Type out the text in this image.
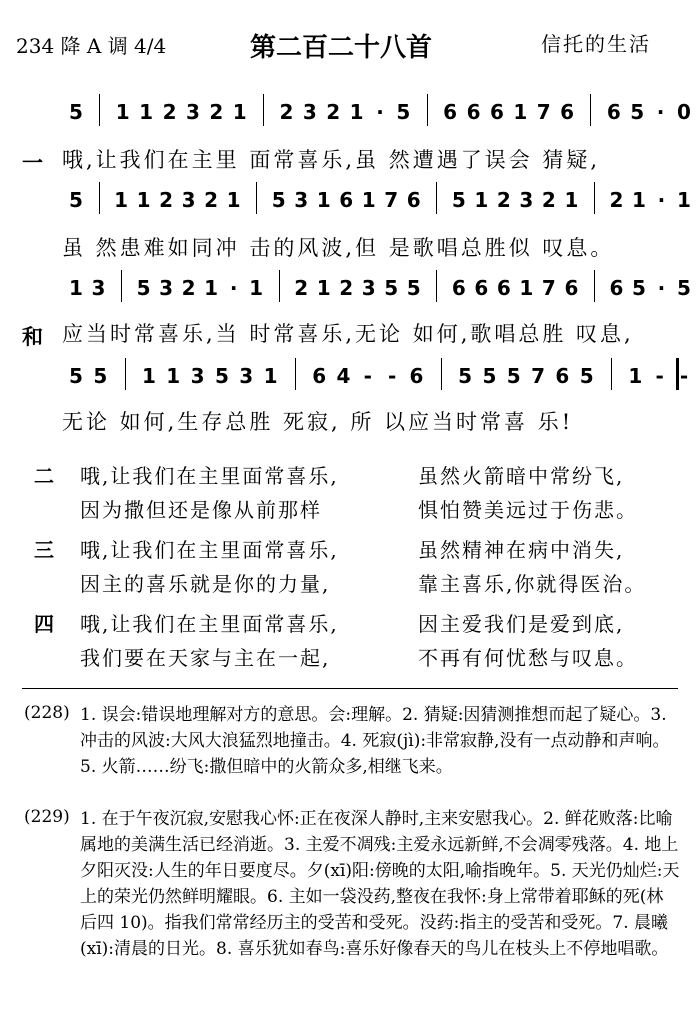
234 降 A 调 4/4	第二百二十八首	信托的生活
5 1 1 2 3 2 1 2 3 2 1 · 5 6 6 6 1 7 6 6 5 · 0
一 哦,让我们在主里 面常喜乐,虽 然遭遇了误会 猜疑,
5 1 1 2 3 2 1 5 3 1 6 1 7 6 5 1 2 3 2 1 2 1 · 1
虽 然患难如同冲 击的风波,但 是歌唱总胜似 叹息。
1 3 5 3 2 1 · 1 2 1 2 3 5 5 6 6 6 1 7 6 6 5 · 5
和 应当时常喜乐,当 时常喜乐,无论 如何,歌唱总胜 叹息,
5 5 1 1 3 5 3 1 6 4 - - 6 5 5 5 7 6 5 1 - -
无论 如何,生存总胜 死寂, 所 以应当时常喜 乐!
二 哦,让我们在主里面常喜乐,	虽然火箭暗中常纷飞,
因为撒但还是像从前那样	惧怕赞美远过于伤悲。
三 哦,让我们在主里面常喜乐,	虽然精神在病中消失,
因主的喜乐就是你的力量,	靠主喜乐,你就得医治。
四 哦,让我们在主里面常喜乐,	因主爱我们是爱到底,
我们要在天家与主在一起,	不再有何忧愁与叹息。
(228) 1. 误会:错误地理解对方的意思。会:理解。2. 猜疑:因猜测推想而起了疑心。3. 冲击的风波:大风大浪猛烈地撞击。4. 死寂(jì):非常寂静,没有一点动静和声响。5. 火箭……纷飞:撒但暗中的火箭众多,相继飞来。
(229) 1. 在于午夜沉寂,安慰我心怀:正在夜深人静时,主来安慰我心。2. 鲜花败落:比喻属地的美满生活已经消逝。3. 主爱不凋残:主爱永远新鲜,不会凋零残落。4. 地上夕阳灭没:人生的年日要度尽。夕(xī)阳:傍晚的太阳,喻指晚年。5. 天光仍灿烂:天上的荣光仍然鲜明耀眼。6. 主如一袋没药,整夜在我怀:身上常带着耶稣的死(林后四 10)。指我们常常经历主的受苦和受死。没药:指主的受苦和受死。7. 晨曦(xī):清晨的日光。8. 喜乐犹如春鸟:喜乐好像春天的鸟儿在枝头上不停地唱歌。
